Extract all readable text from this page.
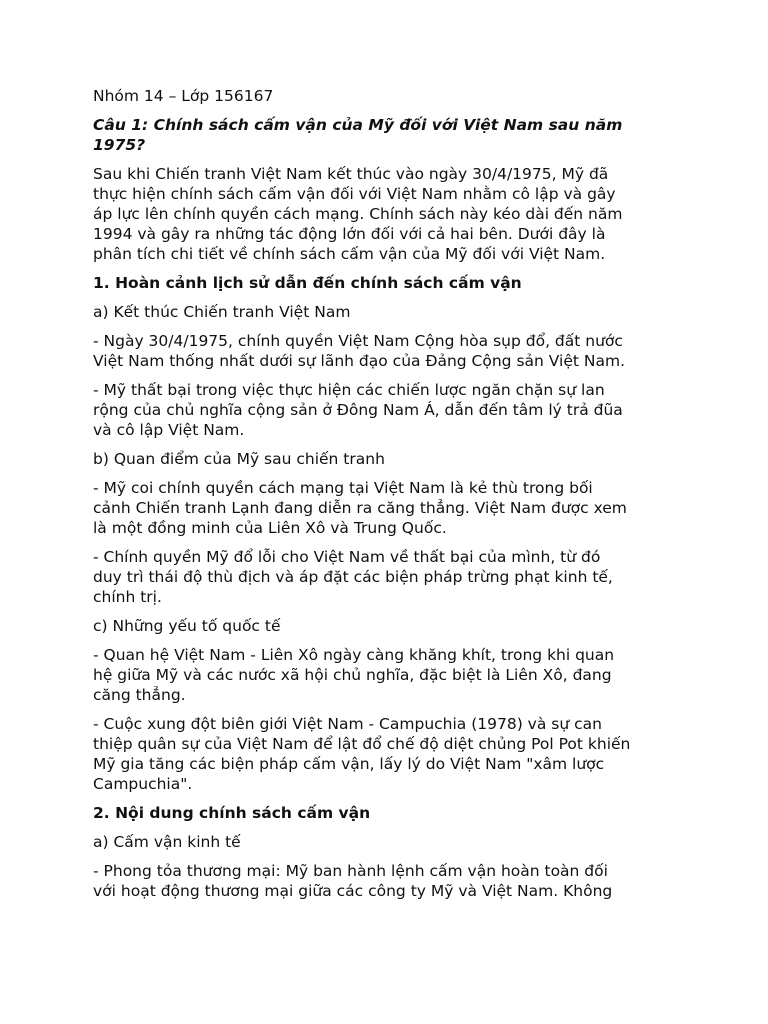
Nhóm 14 – Lớp 156167

Câu 1: Chính sách cấm vận của Mỹ đối với Việt Nam sau năm
1975?

Sau khi Chiến tranh Việt Nam kết thúc vào ngày 30/4/1975, Mỹ đã
thực hiện chính sách cấm vận đối với Việt Nam nhằm cô lập và gây
áp lực lên chính quyền cách mạng. Chính sách này kéo dài đến năm
1994 và gây ra những tác động lớn đối với cả hai bên. Dưới đây là
phân tích chi tiết về chính sách cấm vận của Mỹ đối với Việt Nam.

1. Hoàn cảnh lịch sử dẫn đến chính sách cấm vận

a) Kết thúc Chiến tranh Việt Nam

- Ngày 30/4/1975, chính quyền Việt Nam Cộng hòa sụp đổ, đất nước
Việt Nam thống nhất dưới sự lãnh đạo của Đảng Cộng sản Việt Nam.

- Mỹ thất bại trong việc thực hiện các chiến lược ngăn chặn sự lan
rộng của chủ nghĩa cộng sản ở Đông Nam Á, dẫn đến tâm lý trả đũa
và cô lập Việt Nam.

b) Quan điểm của Mỹ sau chiến tranh

- Mỹ coi chính quyền cách mạng tại Việt Nam là kẻ thù trong bối
cảnh Chiến tranh Lạnh đang diễn ra căng thẳng. Việt Nam được xem
là một đồng minh của Liên Xô và Trung Quốc.

- Chính quyền Mỹ đổ lỗi cho Việt Nam về thất bại của mình, từ đó
duy trì thái độ thù địch và áp đặt các biện pháp trừng phạt kinh tế,
chính trị.

c) Những yếu tố quốc tế

- Quan hệ Việt Nam - Liên Xô ngày càng khăng khít, trong khi quan
hệ giữa Mỹ và các nước xã hội chủ nghĩa, đặc biệt là Liên Xô, đang
căng thẳng.

- Cuộc xung đột biên giới Việt Nam - Campuchia (1978) và sự can
thiệp quân sự của Việt Nam để lật đổ chế độ diệt chủng Pol Pot khiến
Mỹ gia tăng các biện pháp cấm vận, lấy lý do Việt Nam "xâm lược
Campuchia".

2. Nội dung chính sách cấm vận

a) Cấm vận kinh tế

- Phong tỏa thương mại: Mỹ ban hành lệnh cấm vận hoàn toàn đối
với hoạt động thương mại giữa các công ty Mỹ và Việt Nam. Không
